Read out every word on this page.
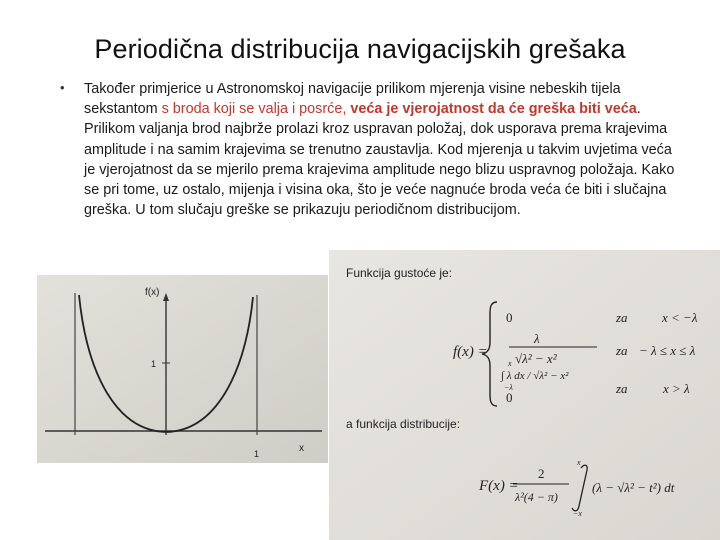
Periodična distribucija navigacijskih grešaka
• Također primjerice u Astronomskoj navigacije prilikom mjerenja visine nebeskih tijela sekstantom s broda koji se valja i posrće, veća je vjerojatnost da će greška biti veća. Prilikom valjanja brod najbrže prolazi kroz uspravan položaj, dok usporava prema krajevima amplitude i na samim krajevima se trenutno zaustavlja. Kod mjerenja u takvim uvjetima veća je vjerojatnost da se mjerilo prema krajevima amplitude nego blizu uspravnog položaja. Kako se pri tome, uz ostalo, mijenja i visina oka, što je veće nagnuće broda veća će biti i slučajna greška. U tom slučaju greške se prikazuju periodičnom distribucijom.
f(x)
x
1
1
Funkcija gustoće je:
f(x) =
0
λ
√λ² − x²
x
∫ λ dx / √λ² − x²
−λ
0
za	x < −λ
za − λ ≤ x ≤ λ
za	x > λ
a funkcija distribucije:
F(x) =
2
λ²(4 − π)
x
−x
(λ − √λ² − t²) dt
